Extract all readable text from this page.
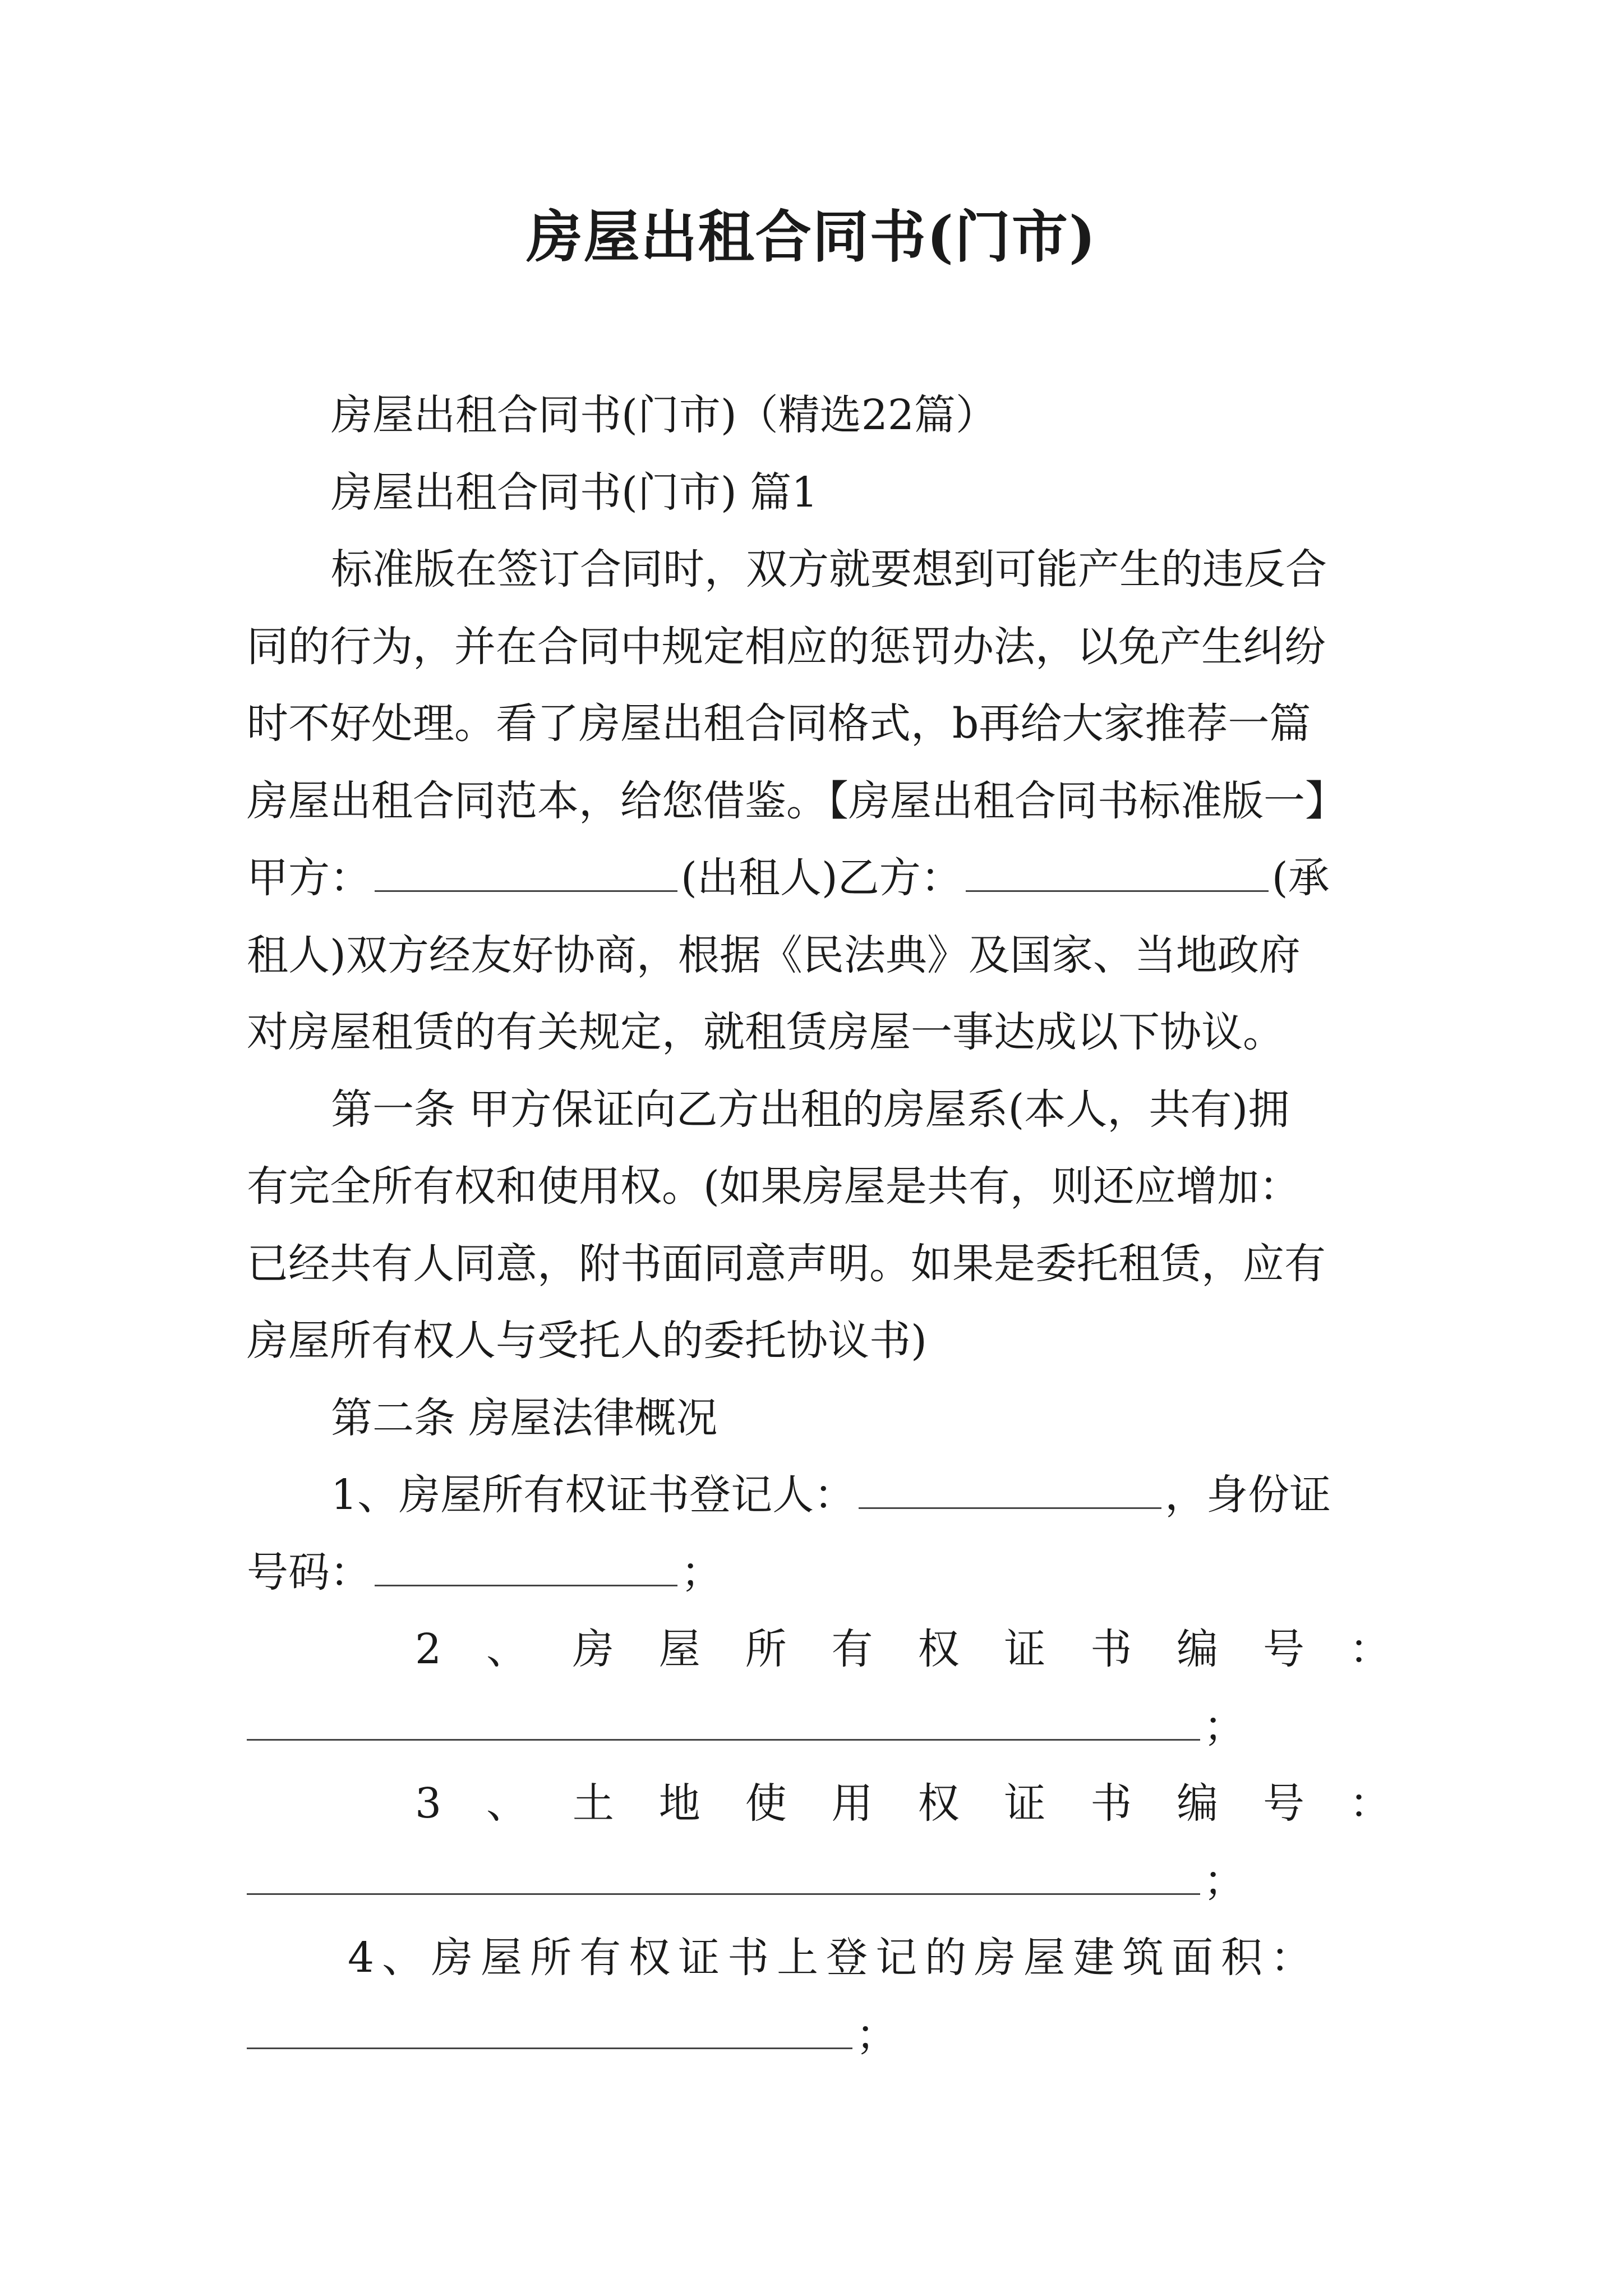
房屋出租合同书(门市)
房屋出租合同书(门市)（精选22篇）
房屋出租合同书(门市) 篇1
标准版在签订合同时，双方就要想到可能产生的违反合
同的行为，并在合同中规定相应的惩罚办法，以免产生纠纷
时不好处理。看了房屋出租合同格式，b再给大家推荐一篇
房屋出租合同范本，给您借鉴。【房屋出租合同书标准版一】
甲方：	(出租人)乙方：	(承
租人)双方经友好协商，根据《民法典》及国家、当地政府
对房屋租赁的有关规定，就租赁房屋一事达成以下协议。
第一条 甲方保证向乙方出租的房屋系(本人，共有)拥
有完全所有权和使用权。(如果房屋是共有，则还应增加：
已经共有人同意，附书面同意声明。如果是委托租赁，应有
房屋所有权人与受托人的委托协议书)
第二条 房屋法律概况
1、房屋所有权证书登记人：	，身份证
号码：	；
2 、 房 屋 所 有 权 证 书 编 号 ：
；
3 、 土 地 使 用 权 证 书 编 号 ：
；
4、房屋所有权证书上登记的房屋建筑面积：
；
